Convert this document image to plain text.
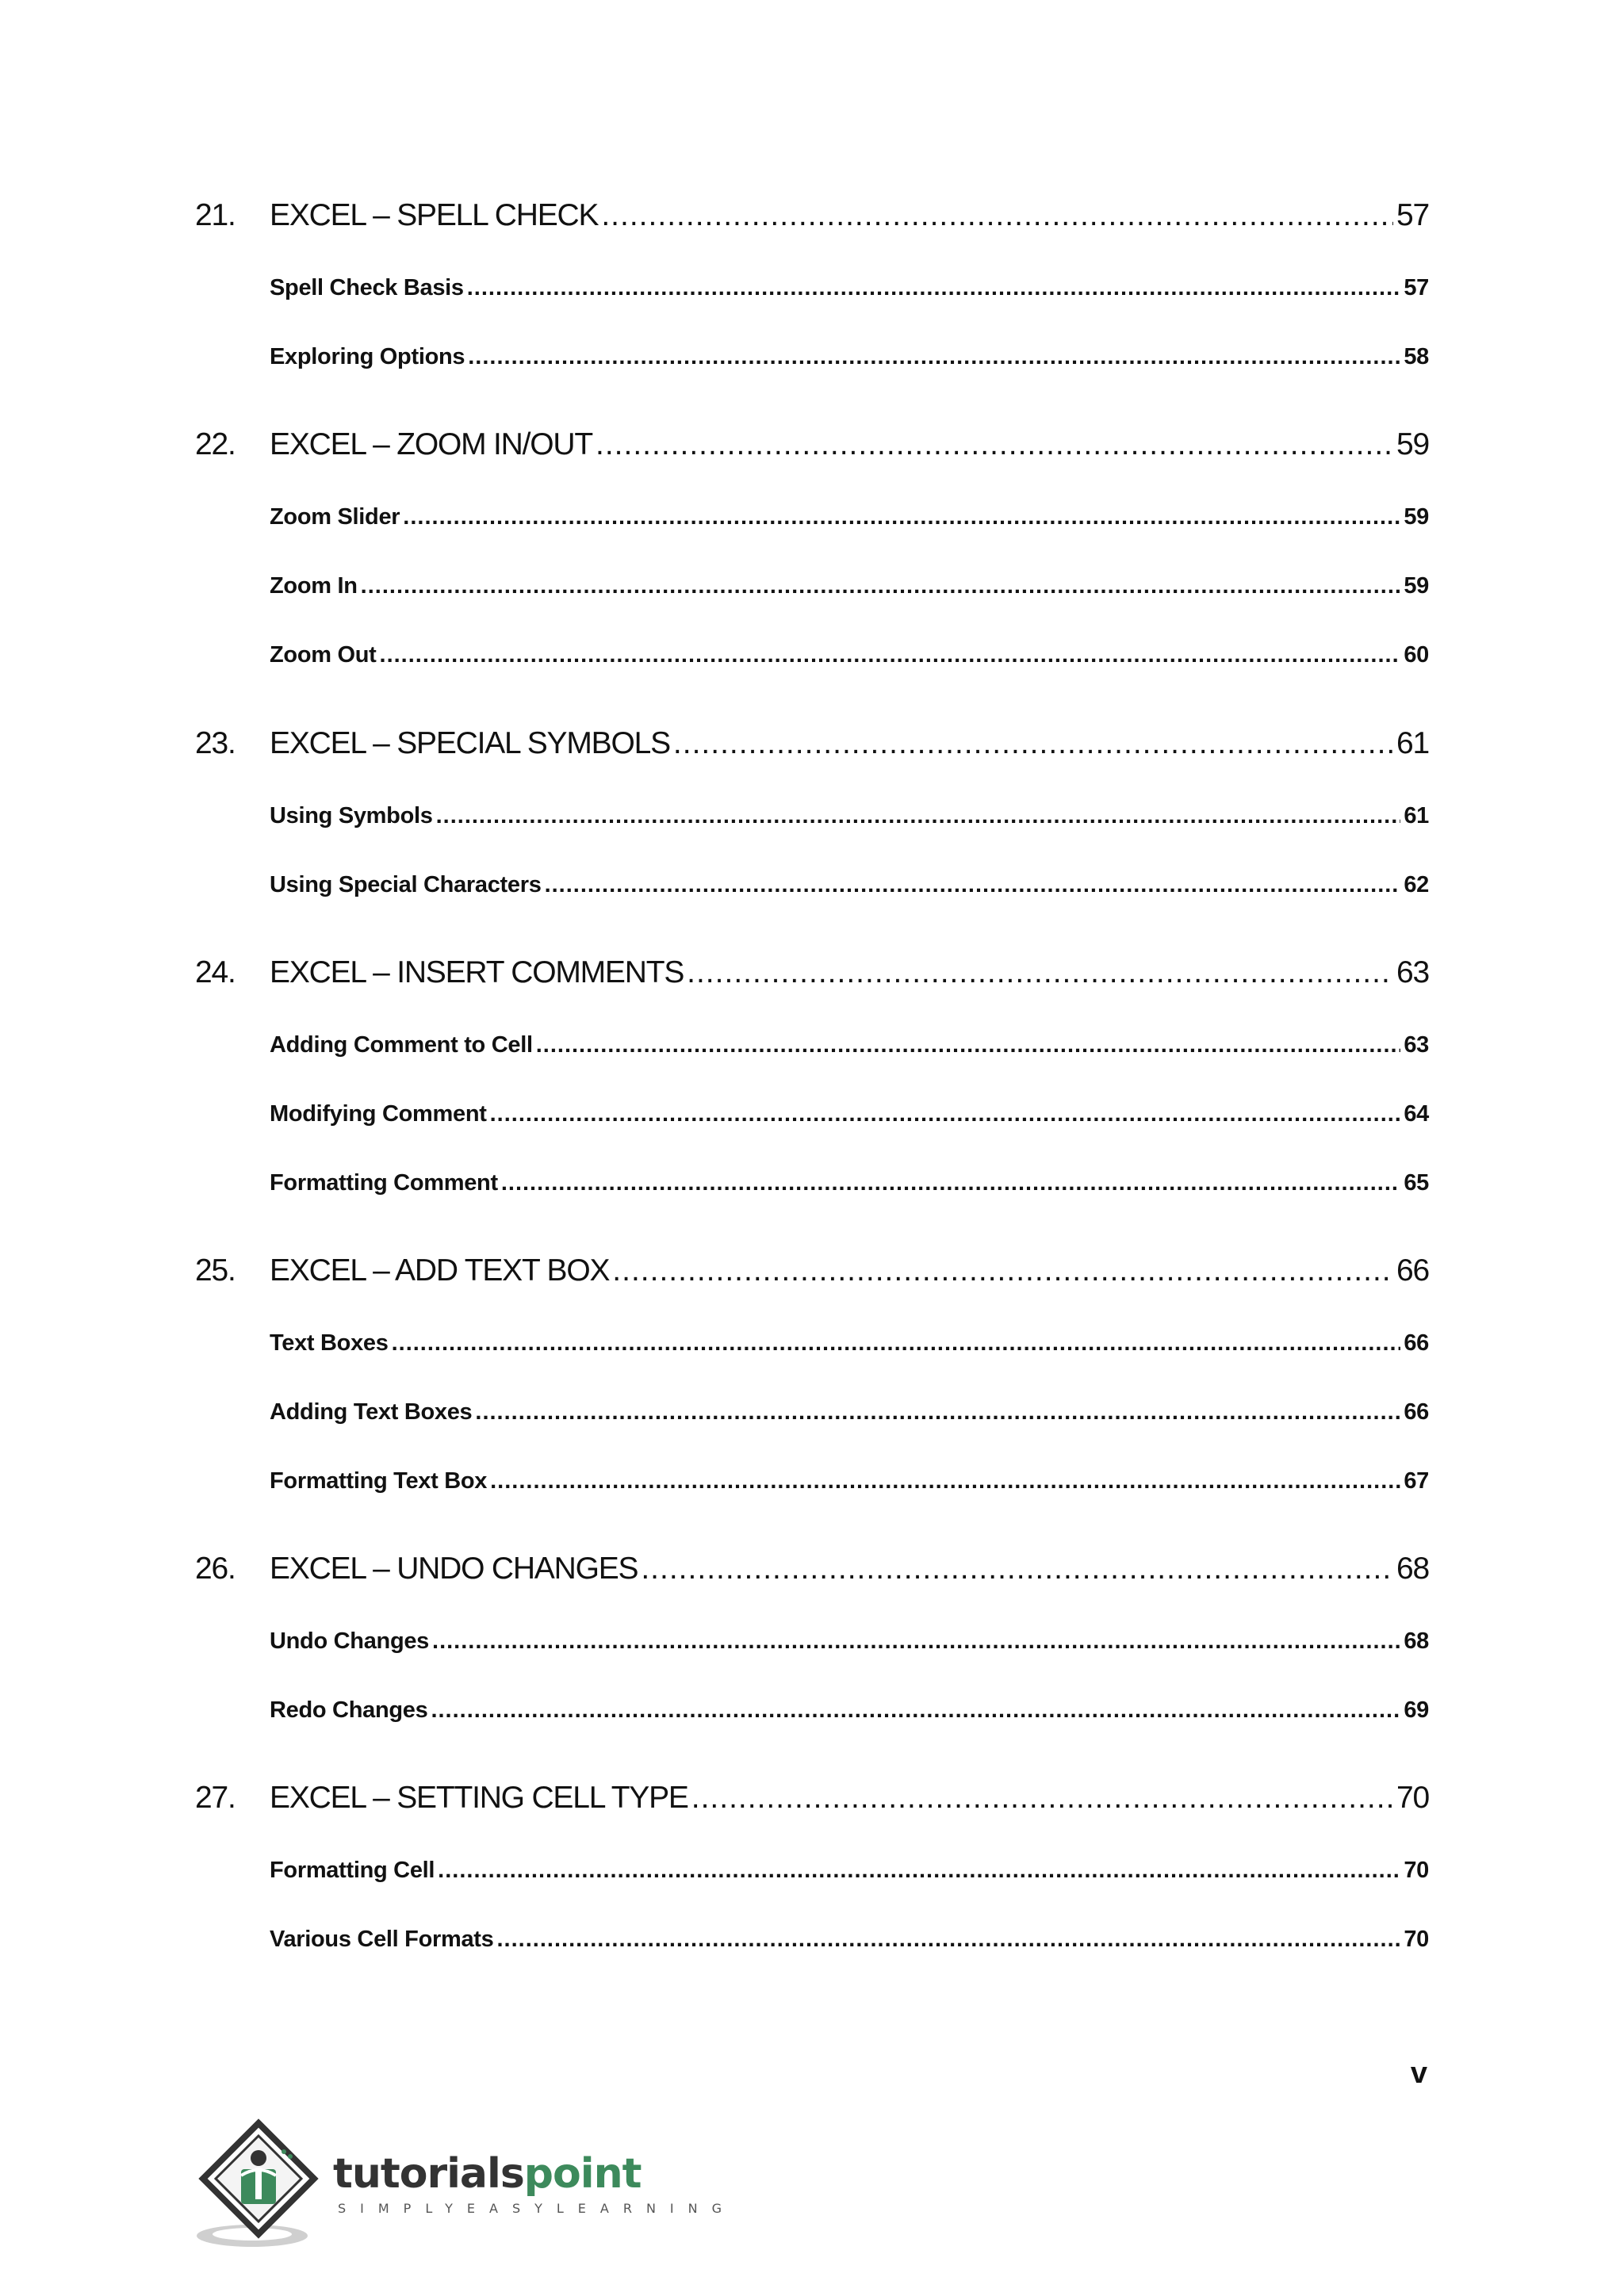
21.	EXCEL – SPELL CHECK .....	57
Spell Check Basis .....	57
Exploring Options .....	58
22.	EXCEL – ZOOM IN/OUT .....	59
Zoom Slider .....	59
Zoom In .....	59
Zoom Out .....	60
23.	EXCEL – SPECIAL SYMBOLS .....	61
Using Symbols .....	61
Using Special Characters .....	62
24.	EXCEL – INSERT COMMENTS .....	63
Adding Comment to Cell .....	63
Modifying Comment .....	64
Formatting Comment .....	65
25.	EXCEL – ADD TEXT BOX .....	66
Text Boxes .....	66
Adding Text Boxes .....	66
Formatting Text Box .....	67
26.	EXCEL – UNDO CHANGES .....	68
Undo Changes .....	68
Redo Changes .....	69
27.	EXCEL – SETTING CELL TYPE .....	70
Formatting Cell .....	70
Various Cell Formats .....	70
v
tutorialspoint
SIMPLYEASYLEARNING
